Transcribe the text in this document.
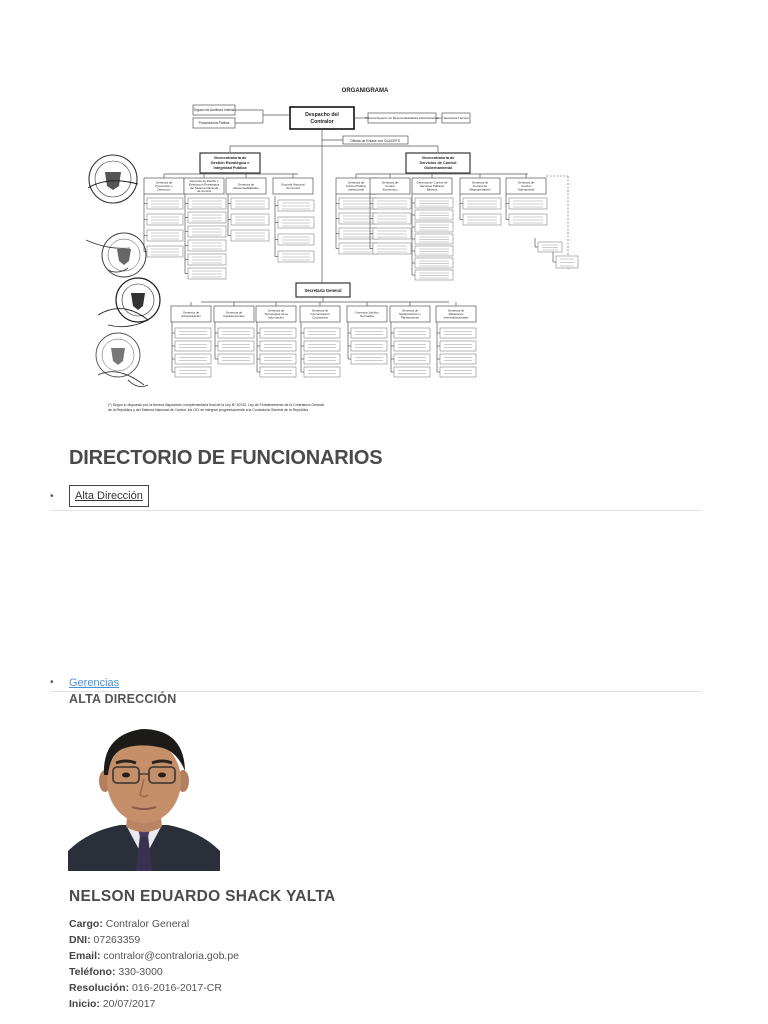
ORGANIGRAMA
Órgano de Auditoría Interna
Procuraduría Pública
Despacho del
Contralor
Tribunal Superior de Responsabilidades Administrativas Secretaría Técnica
Oficina de Enlace con OLACEFS
Vicecontraloría de
Gestión Estratégica e
Integridad Pública
Vicecontraloría de
Servicios de Control
Gubernamental
Gerencia de
Prevención y
Detección
Gerencia de Diseño y
Evaluación Estratégica
del Sistema Nacional
de Control
Gerencia de
Responsabilidades
Escuela Nacional
de Control
Gerencia de
Control Político
Institucional
Gerencia de
Control
Económico
Gerencia de Control de
Servicios Públicos
Básicos
Gerencia de
Control de
Megaoperativos
Gerencia de
Control
Subnacional
Secretaría General
Gerencia de
Administración
Gerencia de
Capital Humano
Gerencia de
Tecnologías de la
Información
Gerencia de
Comunicación
Corporativa
Gerencia Jurídico
Normativa
Gerencia de
Modernización y
Planeamiento
Gerencia de
Relaciones
Interinstitucionales
(*) Según lo dispuesto por la tercera disposición complementaria final de la Ley Nº 30742, Ley de Fortalecimiento de la Contraloría General
de la República y del Sistema Nacional de Control, los OCI se integran progresivamente a la Contraloría General de la República
DIRECTORIO DE FUNCIONARIOS
•	Alta Dirección
• Gerencias
ALTA DIRECCIÓN
NELSON EDUARDO SHACK YALTA
Cargo: Contralor General
DNI: 07263359
Email: contralor@contraloria.gob.pe
Teléfono: 330-3000
Resolución: 016-2016-2017-CR
Inicio: 20/07/2017
